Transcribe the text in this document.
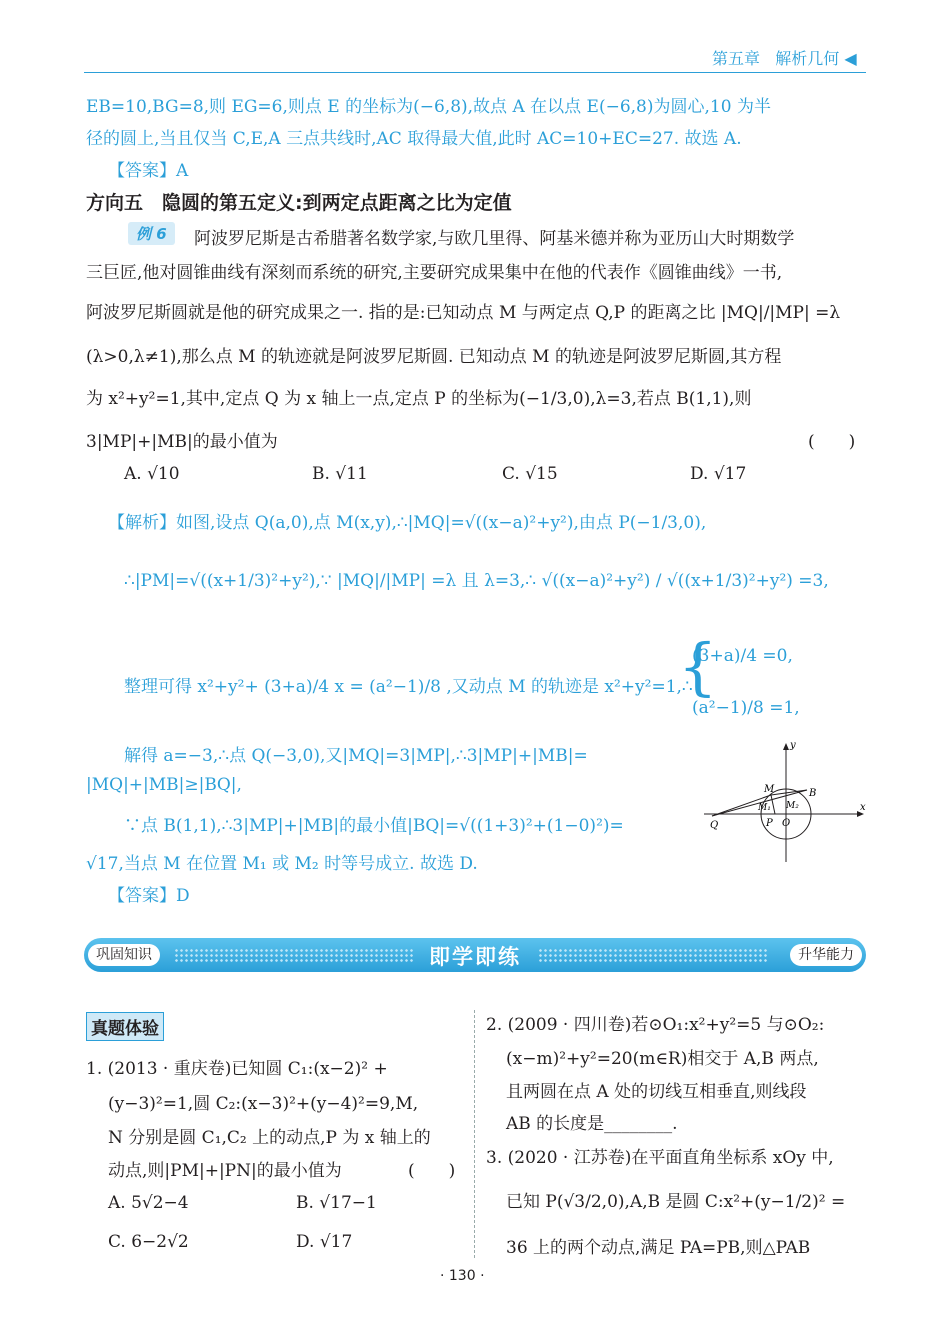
第五章 解析几何 ◀
EB=10,BG=8,则 EG=6,则点 E 的坐标为(−6,8),故点 A 在以点 E(−6,8)为圆心,10 为半
径的圆上,当且仅当 C,E,A 三点共线时,AC 取得最大值,此时 AC=10+EC=27. 故选 A.
【答案】A
方向五　隐圆的第五定义:到两定点距离之比为定值
例 6	阿波罗尼斯是古希腊著名数学家,与欧几里得、阿基米德并称为亚历山大时期数学
三巨匠,他对圆锥曲线有深刻而系统的研究,主要研究成果集中在他的代表作《圆锥曲线》一书,
阿波罗尼斯圆就是他的研究成果之一. 指的是:已知动点 M 与两定点 Q,P 的距离之比 |MQ|/|MP| =λ
(λ>0,λ≠1),那么点 M 的轨迹就是阿波罗尼斯圆. 已知动点 M 的轨迹是阿波罗尼斯圆,其方程
为 x²+y²=1,其中,定点 Q 为 x 轴上一点,定点 P 的坐标为(−1/3,0),λ=3,若点 B(1,1),则
3|MP|+|MB|的最小值为	(　　)
A. √10	B. √11	C. √15	D. √17
【解析】如图,设点 Q(a,0),点 M(x,y),∴|MQ|=√((x−a)²+y²),由点 P(−1/3,0),
∴|PM|=√((x+1/3)²+y²),∵ |MQ|/|MP| =λ 且 λ=3,∴ √((x−a)²+y²) / √((x+1/3)²+y²) =3,
整理可得 x²+y²+ (3+a)/4 x = (a²−1)/8 ,又动点 M 的轨迹是 x²+y²=1,∴
{
(3+a)/4 =0,
(a²−1)/8 =1,
解得 a=−3,∴点 Q(−3,0),又|MQ|=3|MP|,∴3|MP|+|MB|=
|MQ|+|MB|≥|BQ|,
∵点 B(1,1),∴3|MP|+|MB|的最小值|BQ|=√((1+3)²+(1−0)²)=
√17,当点 M 在位置 M₁ 或 M₂ 时等号成立. 故选 D.
【答案】D
y
x
M
M₁ M₂
B
Q	P O
巩固知识	即学即练	升华能力
真题体验
1. (2013 · 重庆卷)已知圆 C₁:(x−2)² +
(y−3)²=1,圆 C₂:(x−3)²+(y−4)²=9,M,
N 分别是圆 C₁,C₂ 上的动点,P 为 x 轴上的
动点,则|PM|+|PN|的最小值为	(　　)
A. 5√2−4	B. √17−1
C. 6−2√2	D. √17
2. (2009 · 四川卷)若⊙O₁:x²+y²=5 与⊙O₂:
(x−m)²+y²=20(m∈R)相交于 A,B 两点,
且两圆在点 A 处的切线互相垂直,则线段
AB 的长度是________.
3. (2020 · 江苏卷)在平面直角坐标系 xOy 中,
已知 P(√3/2,0),A,B 是圆 C:x²+(y−1/2)² =
36 上的两个动点,满足 PA=PB,则△PAB
· 130 ·
